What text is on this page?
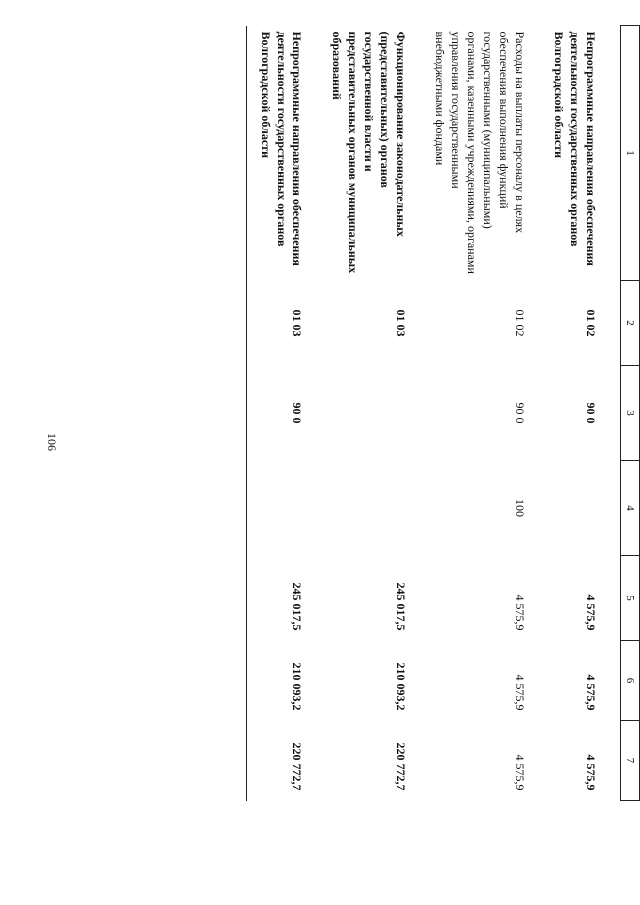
106
1	2	3	4	5	6	7

Непрограммные направления обеспечения деятельности государственных органов Волгоградской области	01 02	90 0		4 575,9	4 575,9	4 575,9
Расходы на выплаты персоналу в целях обеспечения выполнения функций государственными (муниципальными) органами, казенными учреждениями, органами управления государственными внебюджетными фондами	01 02	90 0	100	4 575,9	4 575,9	4 575,9
Функционирование законодательных (представительных) органов государственной власти и представительных органов муниципальных образований	01 03			245 017,5	210 093,2	220 772,7
Непрограммные направления обеспечения деятельности государственных органов Волгоградской области	01 03	90 0		245 017,5	210 093,2	220 772,7
